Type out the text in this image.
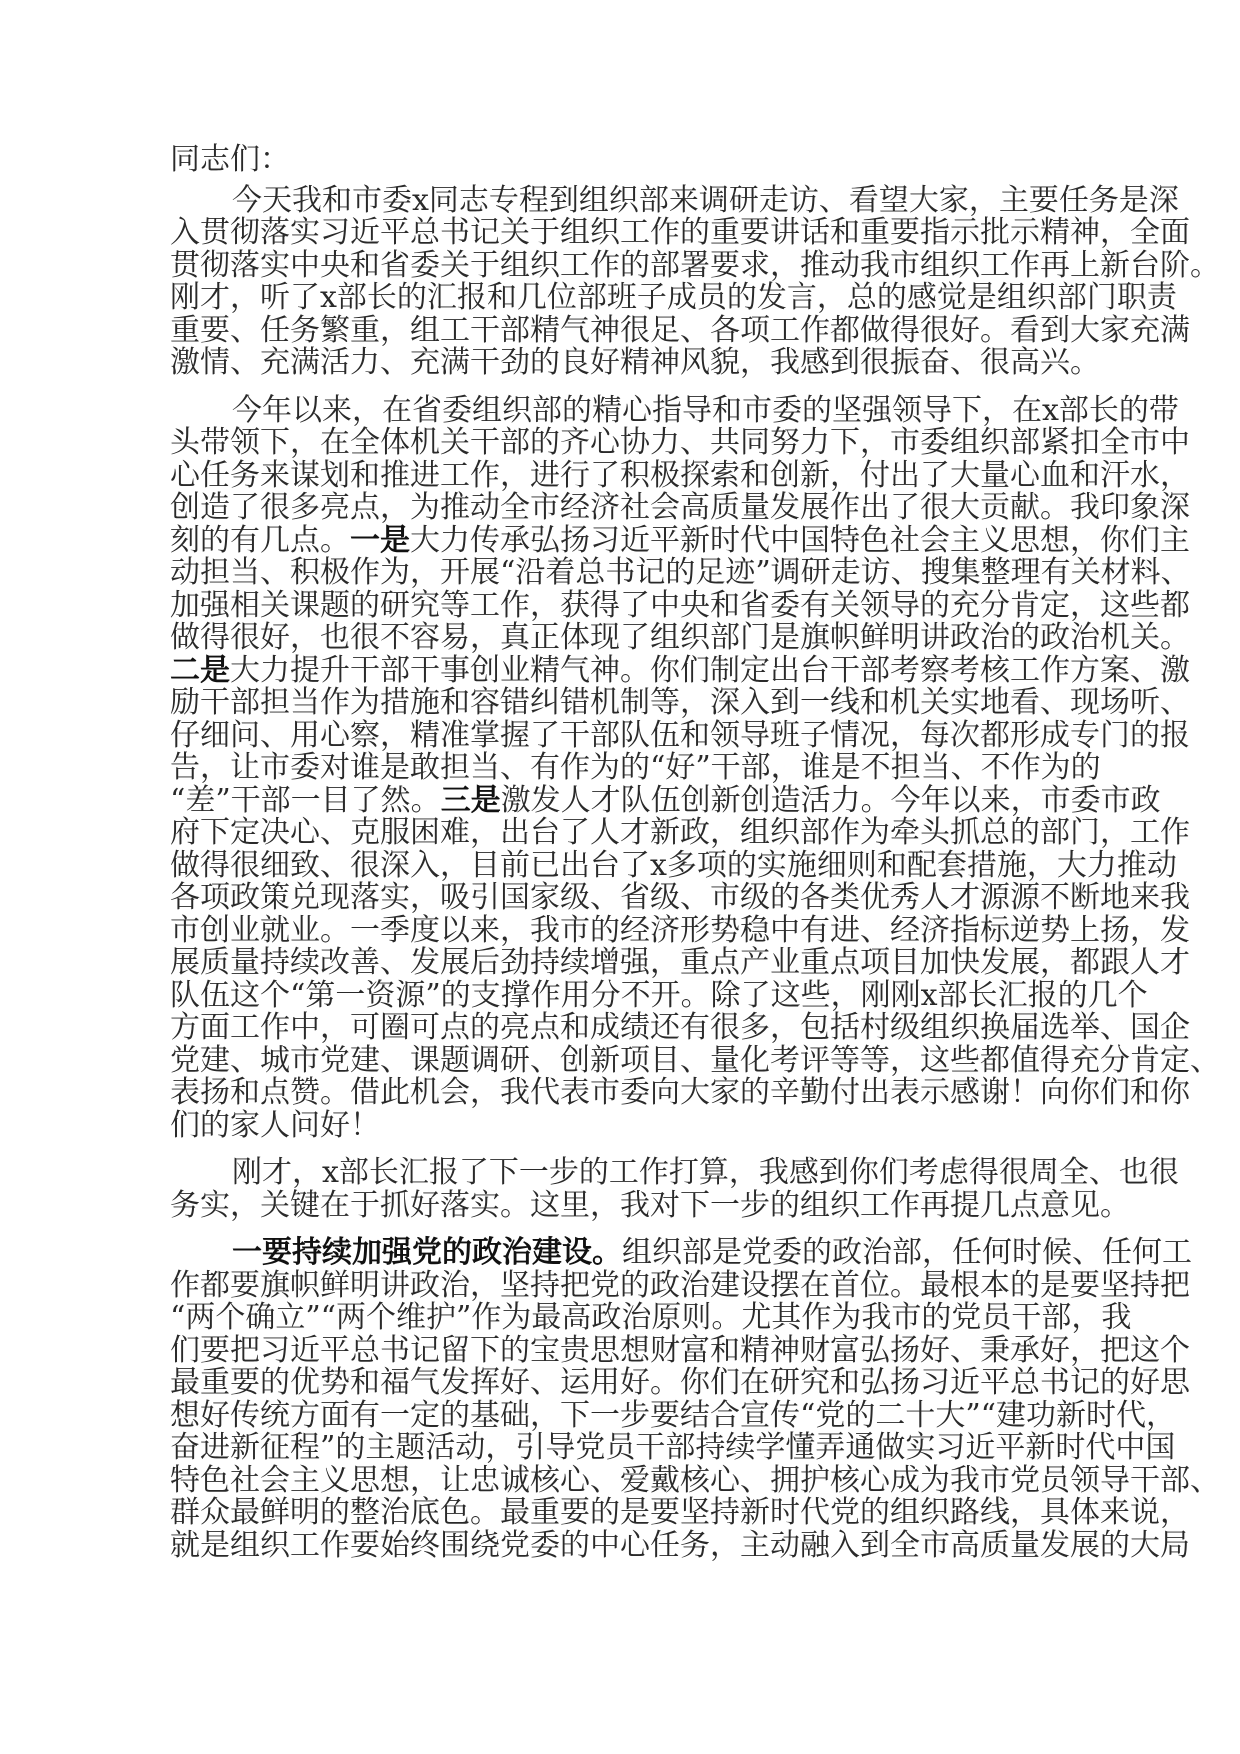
同志们：
今天我和市委x同志专程到组织部来调研走访、看望大家，主要任务是深
入贯彻落实习近平总书记关于组织工作的重要讲话和重要指示批示精神，全面
贯彻落实中央和省委关于组织工作的部署要求，推动我市组织工作再上新台阶。
刚才，听了x部长的汇报和几位部班子成员的发言，总的感觉是组织部门职责
重要、任务繁重，组工干部精气神很足、各项工作都做得很好。看到大家充满
激情、充满活力、充满干劲的良好精神风貌，我感到很振奋、很高兴。
今年以来，在省委组织部的精心指导和市委的坚强领导下，在x部长的带
头带领下，在全体机关干部的齐心协力、共同努力下，市委组织部紧扣全市中
心任务来谋划和推进工作，进行了积极探索和创新，付出了大量心血和汗水，
创造了很多亮点，为推动全市经济社会高质量发展作出了很大贡献。我印象深
刻的有几点。一是大力传承弘扬习近平新时代中国特色社会主义思想，你们主
动担当、积极作为，开展“沿着总书记的足迹”调研走访、搜集整理有关材料、
加强相关课题的研究等工作，获得了中央和省委有关领导的充分肯定，这些都
做得很好，也很不容易，真正体现了组织部门是旗帜鲜明讲政治的政治机关。
二是大力提升干部干事创业精气神。你们制定出台干部考察考核工作方案、激
励干部担当作为措施和容错纠错机制等，深入到一线和机关实地看、现场听、
仔细问、用心察，精准掌握了干部队伍和领导班子情况，每次都形成专门的报
告，让市委对谁是敢担当、有作为的“好”干部，谁是不担当、不作为的
“差”干部一目了然。三是激发人才队伍创新创造活力。今年以来，市委市政
府下定决心、克服困难，出台了人才新政，组织部作为牵头抓总的部门，工作
做得很细致、很深入，目前已出台了x多项的实施细则和配套措施，大力推动
各项政策兑现落实，吸引国家级、省级、市级的各类优秀人才源源不断地来我
市创业就业。一季度以来，我市的经济形势稳中有进、经济指标逆势上扬，发
展质量持续改善、发展后劲持续增强，重点产业重点项目加快发展，都跟人才
队伍这个“第一资源”的支撑作用分不开。除了这些，刚刚x部长汇报的几个
方面工作中，可圈可点的亮点和成绩还有很多，包括村级组织换届选举、国企
党建、城市党建、课题调研、创新项目、量化考评等等，这些都值得充分肯定、
表扬和点赞。借此机会，我代表市委向大家的辛勤付出表示感谢！向你们和你
们的家人问好！
刚才，x部长汇报了下一步的工作打算，我感到你们考虑得很周全、也很
务实，关键在于抓好落实。这里，我对下一步的组织工作再提几点意见。
一要持续加强党的政治建设。组织部是党委的政治部，任何时候、任何工
作都要旗帜鲜明讲政治，坚持把党的政治建设摆在首位。最根本的是要坚持把
“两个确立”“两个维护”作为最高政治原则。尤其作为我市的党员干部，我
们要把习近平总书记留下的宝贵思想财富和精神财富弘扬好、秉承好，把这个
最重要的优势和福气发挥好、运用好。你们在研究和弘扬习近平总书记的好思
想好传统方面有一定的基础，下一步要结合宣传“党的二十大”“建功新时代，
奋进新征程”的主题活动，引导党员干部持续学懂弄通做实习近平新时代中国
特色社会主义思想，让忠诚核心、爱戴核心、拥护核心成为我市党员领导干部、
群众最鲜明的整治底色。最重要的是要坚持新时代党的组织路线，具体来说，
就是组织工作要始终围绕党委的中心任务，主动融入到全市高质量发展的大局
